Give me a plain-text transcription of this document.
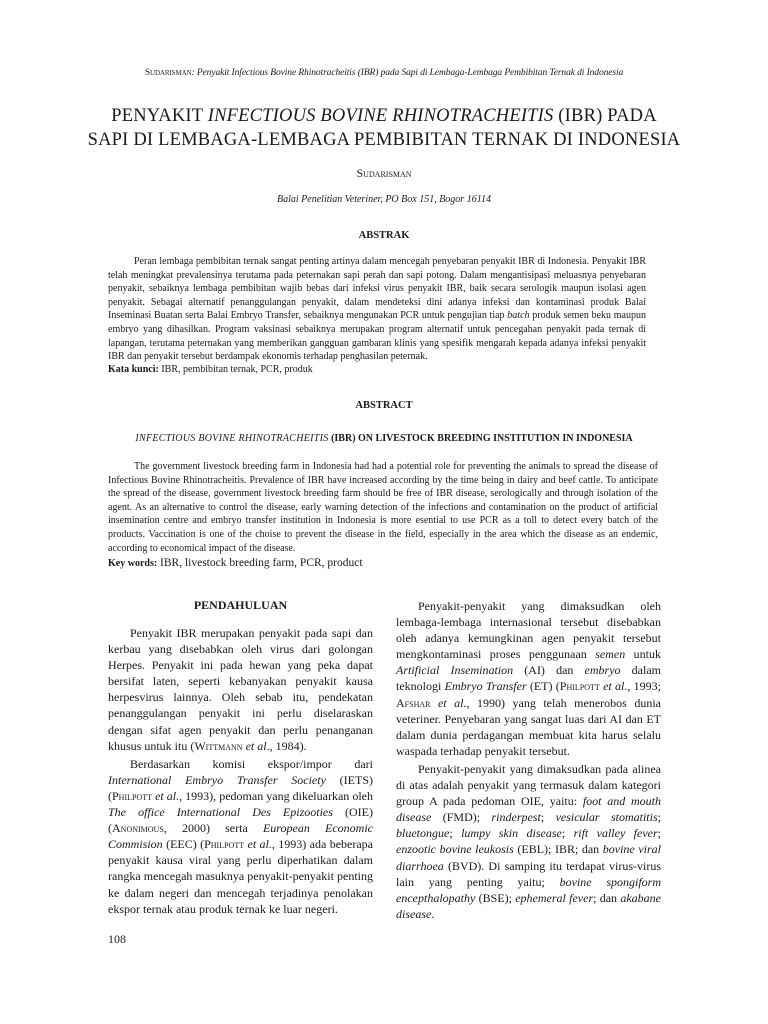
Sudarisman: Penyakit Infectious Bovine Rhinotracheitis (IBR) pada Sapi di Lembaga-Lembaga Pembibitan Ternak di Indonesia
PENYAKIT INFECTIOUS BOVINE RHINOTRACHEITIS (IBR) PADA
SAPI DI LEMBAGA-LEMBAGA PEMBIBITAN TERNAK DI INDONESIA
Sudarisman
Balai Penelitian Veteriner, PO Box 151, Bogor 16114
ABSTRAK

Peran lembaga pembibitan ternak sangat penting artinya dalam mencegah penyebaran penyakit IBR di Indonesia. Penyakit IBR telah meningkat prevalensinya terutama pada peternakan sapi perah dan sapi potong. Dalam mengantisipasi meluasnya penyebaran penyakit, sebaiknya lembaga pembibitan wajib bebas dari infeksi virus penyakit IBR, baik secara serologik maupun isolasi agen penyakit. Sebagai alternatif penanggulangan penyakit, dalam mendeteksi dini adanya infeksi dan kontaminasi produk Balai Inseminasi Buatan serta Balai Embryo Transfer, sebaiknya mengunakan PCR untuk pengujian tiap batch produk semen beku maupun embryo yang dihasilkan. Program vaksinasi sebaiknya merupakan program alternatif untuk pencegahan penyakit pada ternak di lapangan, terutama peternakan yang memberikan gangguan gambaran klinis yang spesifik mengarah kepada adanya infeksi penyakit IBR dan penyakit tersebut berdampak ekonomis terhadap penghasilan peternak.

Kata kunci: IBR, pembibitan ternak, PCR, produk

ABSTRACT
INFECTIOUS BOVINE RHINOTRACHEITIS (IBR) ON LIVESTOCK BREEDING INSTITUTION IN INDONESIA

The government livestock breeding farm in Indonesia had had a potential role for preventing the animals to spread the disease of Infectious Bovine Rhinotracheitis. Prevalence of IBR have increased according by the time being in dairy and beef cattle. To anticipate the spread of the disease, government livestock breeding farm should be free of IBR disease, serologically and through isolation of the agent. As an alternative to control the disease, early warning detection of the infections and contamination on the product of artificial insemination centre and embryo transfer institution in Indonesia is more esential to use PCR as a toll to detect every batch of the products. Vaccination is one of the choise to prevent the disease in the field, especially in the area which the disease as an endemic, according to economical impact of the disease.

Key words: IBR, livestock breeding farm, PCR, product

PENDAHULUAN

Penyakit IBR merupakan penyakit pada sapi dan kerbau yang disebabkan oleh virus dari golongan Herpes. Penyakit ini pada hewan yang peka dapat bersifat laten, seperti kebanyakan penyakit kausa herpesvirus lainnya. Oleh sebab itu, pendekatan penanggulangan penyakit ini perlu diselaraskan dengan sifat agen penyakit dan perlu penanganan khusus untuk itu (Wittmann et al., 1984).

Berdasarkan komisi ekspor/impor dari International Embryo Transfer Society (IETS) (Philpott et al., 1993), pedoman yang dikeluarkan oleh The office International Des Epizooties (OIE) (Anonimous, 2000) serta European Economic Commision (EEC) (Philpott et al., 1993) ada beberapa penyakit kausa viral yang perlu diperhatikan dalam rangka mencegah masuknya penyakit-penyakit penting ke dalam negeri dan mencegah terjadinya penolakan ekspor ternak atau produk ternak ke luar negeri.

Penyakit-penyakit yang dimaksudkan oleh lembaga-lembaga internasional tersebut disebabkan oleh adanya kemungkinan agen penyakit tersebut mengkontaminasi proses penggunaan semen untuk Artificial Insemination (AI) dan embryo dalam teknologi Embryo Transfer (ET) (Philpott et al., 1993; Afshar et al., 1990) yang telah menerobos dunia veteriner. Penyebaran yang sangat luas dari AI dan ET dalam dunia perdagangan membuat kita harus selalu waspada terhadap penyakit tersebut.

Penyakit-penyakit yang dimaksudkan pada alinea di atas adalah penyakit yang termasuk dalam kategori group A pada pedoman OIE, yaitu: foot and mouth disease (FMD); rinderpest; vesicular stomatitis; bluetongue; lumpy skin disease; rift valley fever; enzootic bovine leukosis (EBL); IBR; dan bovine viral diarrhoea (BVD). Di samping itu terdapat virus-virus lain yang penting yaitu; bovine spongiform encepthalopathy (BSE); ephemeral fever; dan akabane disease.

108
